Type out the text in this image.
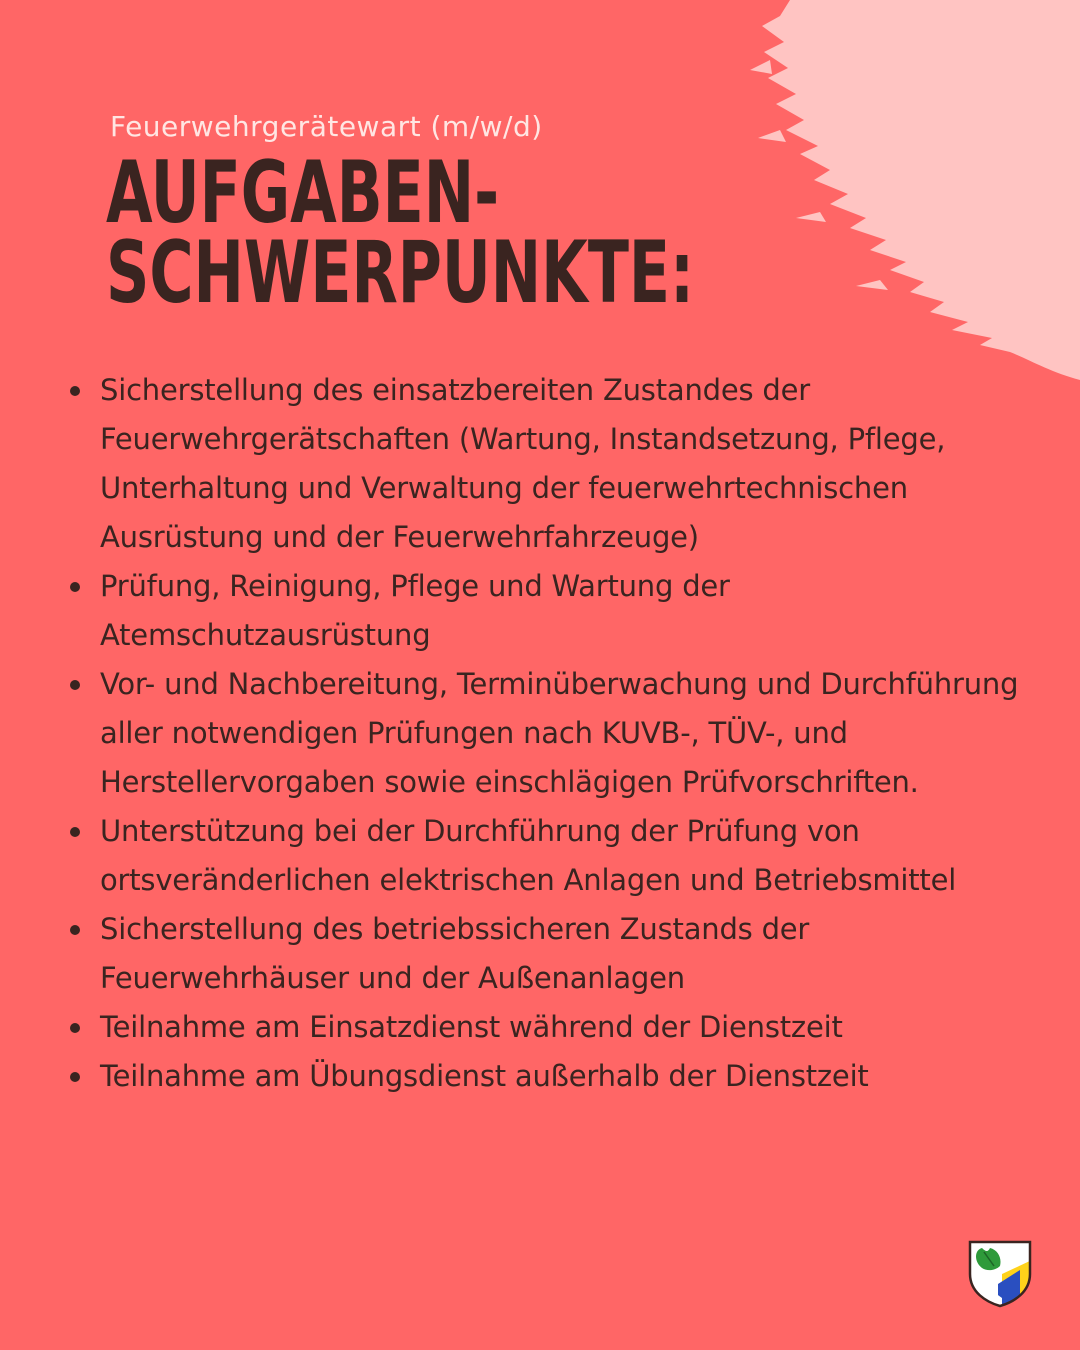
Feuerwehrgerätewart (m/w/d)
AUFGABEN-
SCHWERPUNKTE:
Sicherstellung des einsatzbereiten Zustandes der Feuerwehrgerätschaften (Wartung, Instandsetzung, Pflege, Unterhaltung und Verwaltung der feuerwehrtechnischen Ausrüstung und der Feuerwehrfahrzeuge)
Prüfung, Reinigung, Pflege und Wartung der Atemschutzausrüstung
Vor- und Nachbereitung, Terminüberwachung und Durchführung aller notwendigen Prüfungen nach KUVB-, TÜV-, und Herstellervorgaben sowie einschlägigen Prüfvorschriften.
Unterstützung bei der Durchführung der Prüfung von ortsveränderlichen elektrischen Anlagen und Betriebsmittel
Sicherstellung des betriebssicheren Zustands der Feuerwehrhäuser und der Außenanlagen
Teilnahme am Einsatzdienst während der Dienstzeit
Teilnahme am Übungsdienst außerhalb der Dienstzeit
